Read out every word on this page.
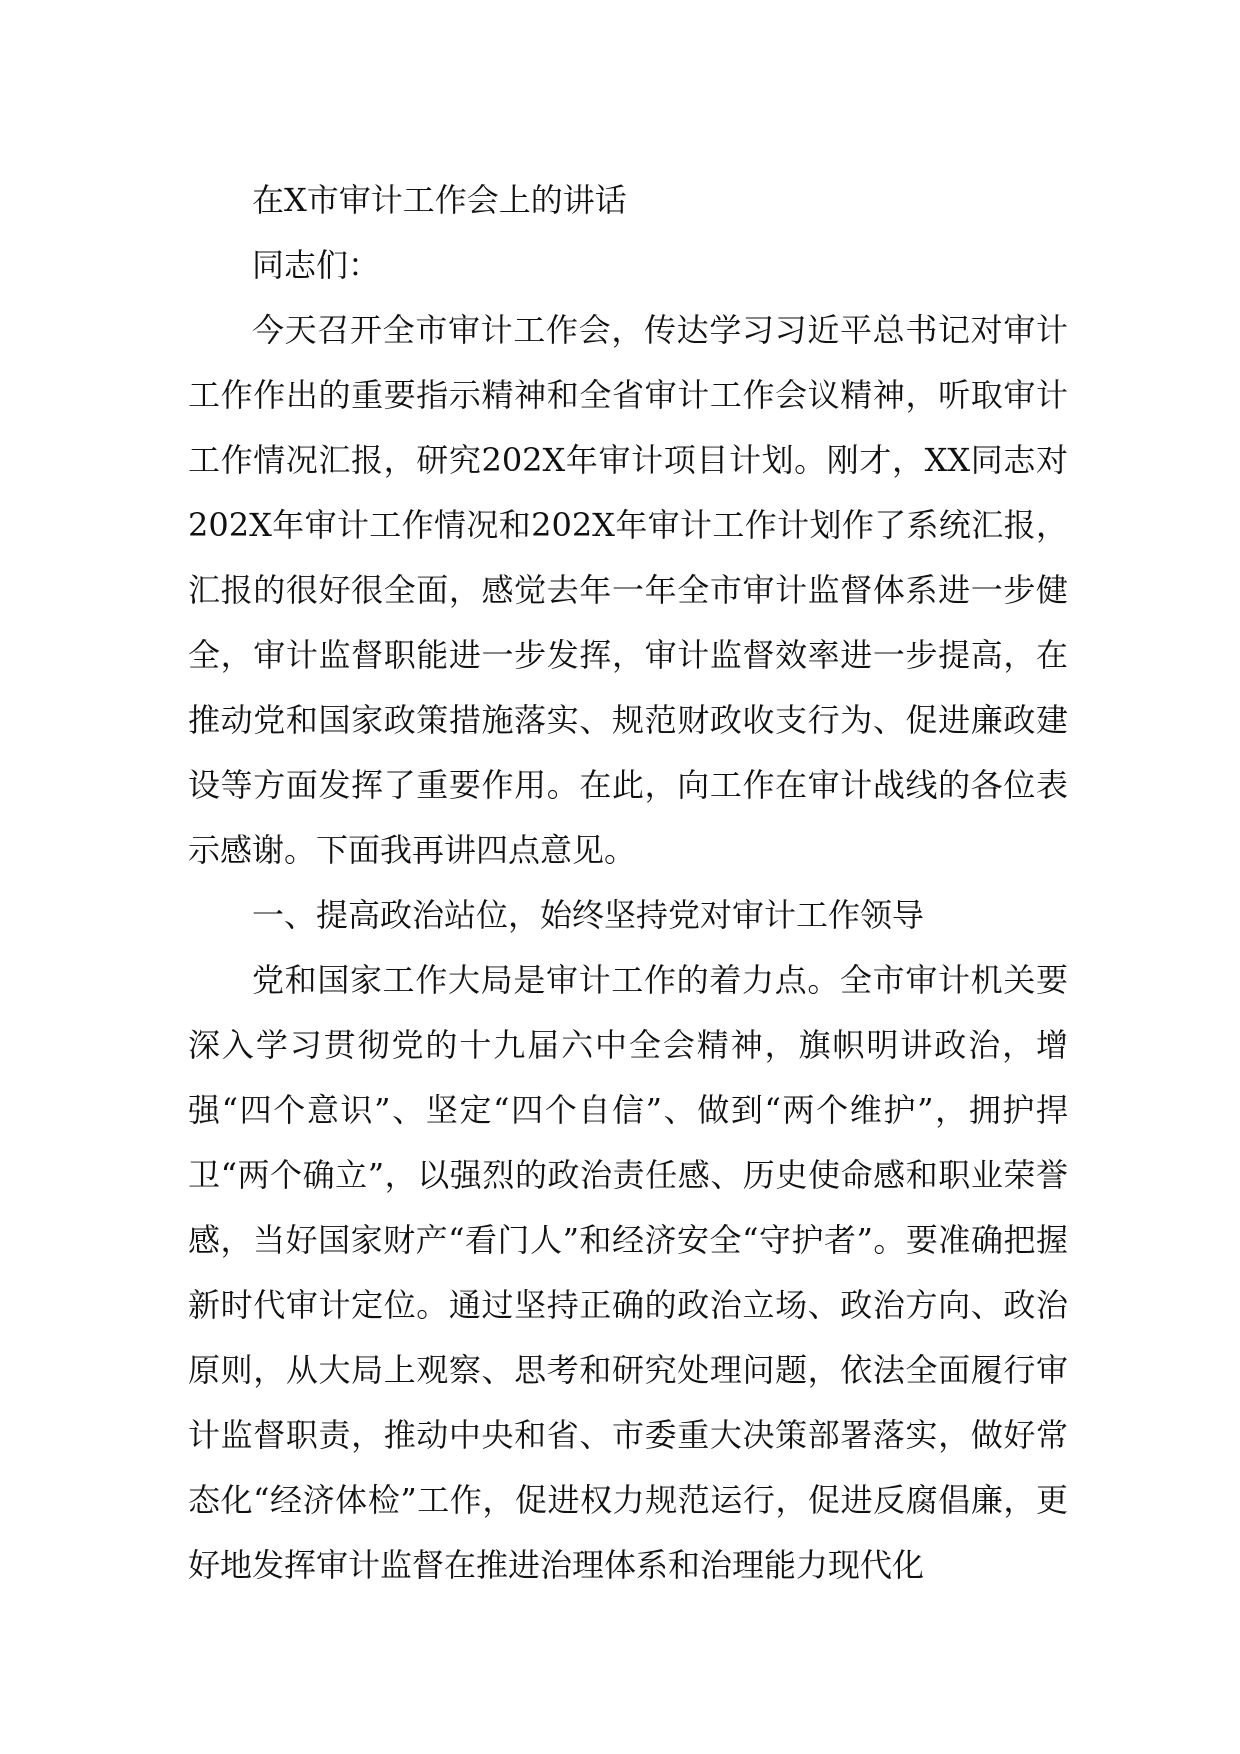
在X市审计工作会上的讲话

同志们：

今天召开全市审计工作会，传达学习习近平总书记对审计工作作出的重要指示精神和全省审计工作会议精神，听取审计工作情况汇报，研究202X年审计项目计划。刚才，XX同志对202X年审计工作情况和202X年审计工作计划作了系统汇报，汇报的很好很全面，感觉去年一年全市审计监督体系进一步健全，审计监督职能进一步发挥，审计监督效率进一步提高，在推动党和国家政策措施落实、规范财政收支行为、促进廉政建设等方面发挥了重要作用。在此，向工作在审计战线的各位表示感谢。下面我再讲四点意见。

一、提高政治站位，始终坚持党对审计工作领导

党和国家工作大局是审计工作的着力点。全市审计机关要深入学习贯彻党的十九届六中全会精神，旗帜明讲政治，增强“四个意识”、坚定“四个自信”、做到“两个维护”，拥护捍卫“两个确立”，以强烈的政治责任感、历史使命感和职业荣誉感，当好国家财产“看门人”和经济安全“守护者”。要准确把握新时代审计定位。通过坚持正确的政治立场、政治方向、政治原则，从大局上观察、思考和研究处理问题，依法全面履行审计监督职责，推动中央和省、市委重大决策部署落实，做好常态化“经济体检”工作，促进权力规范运行，促进反腐倡廉，更好地发挥审计监督在推进治理体系和治理能力现代化
